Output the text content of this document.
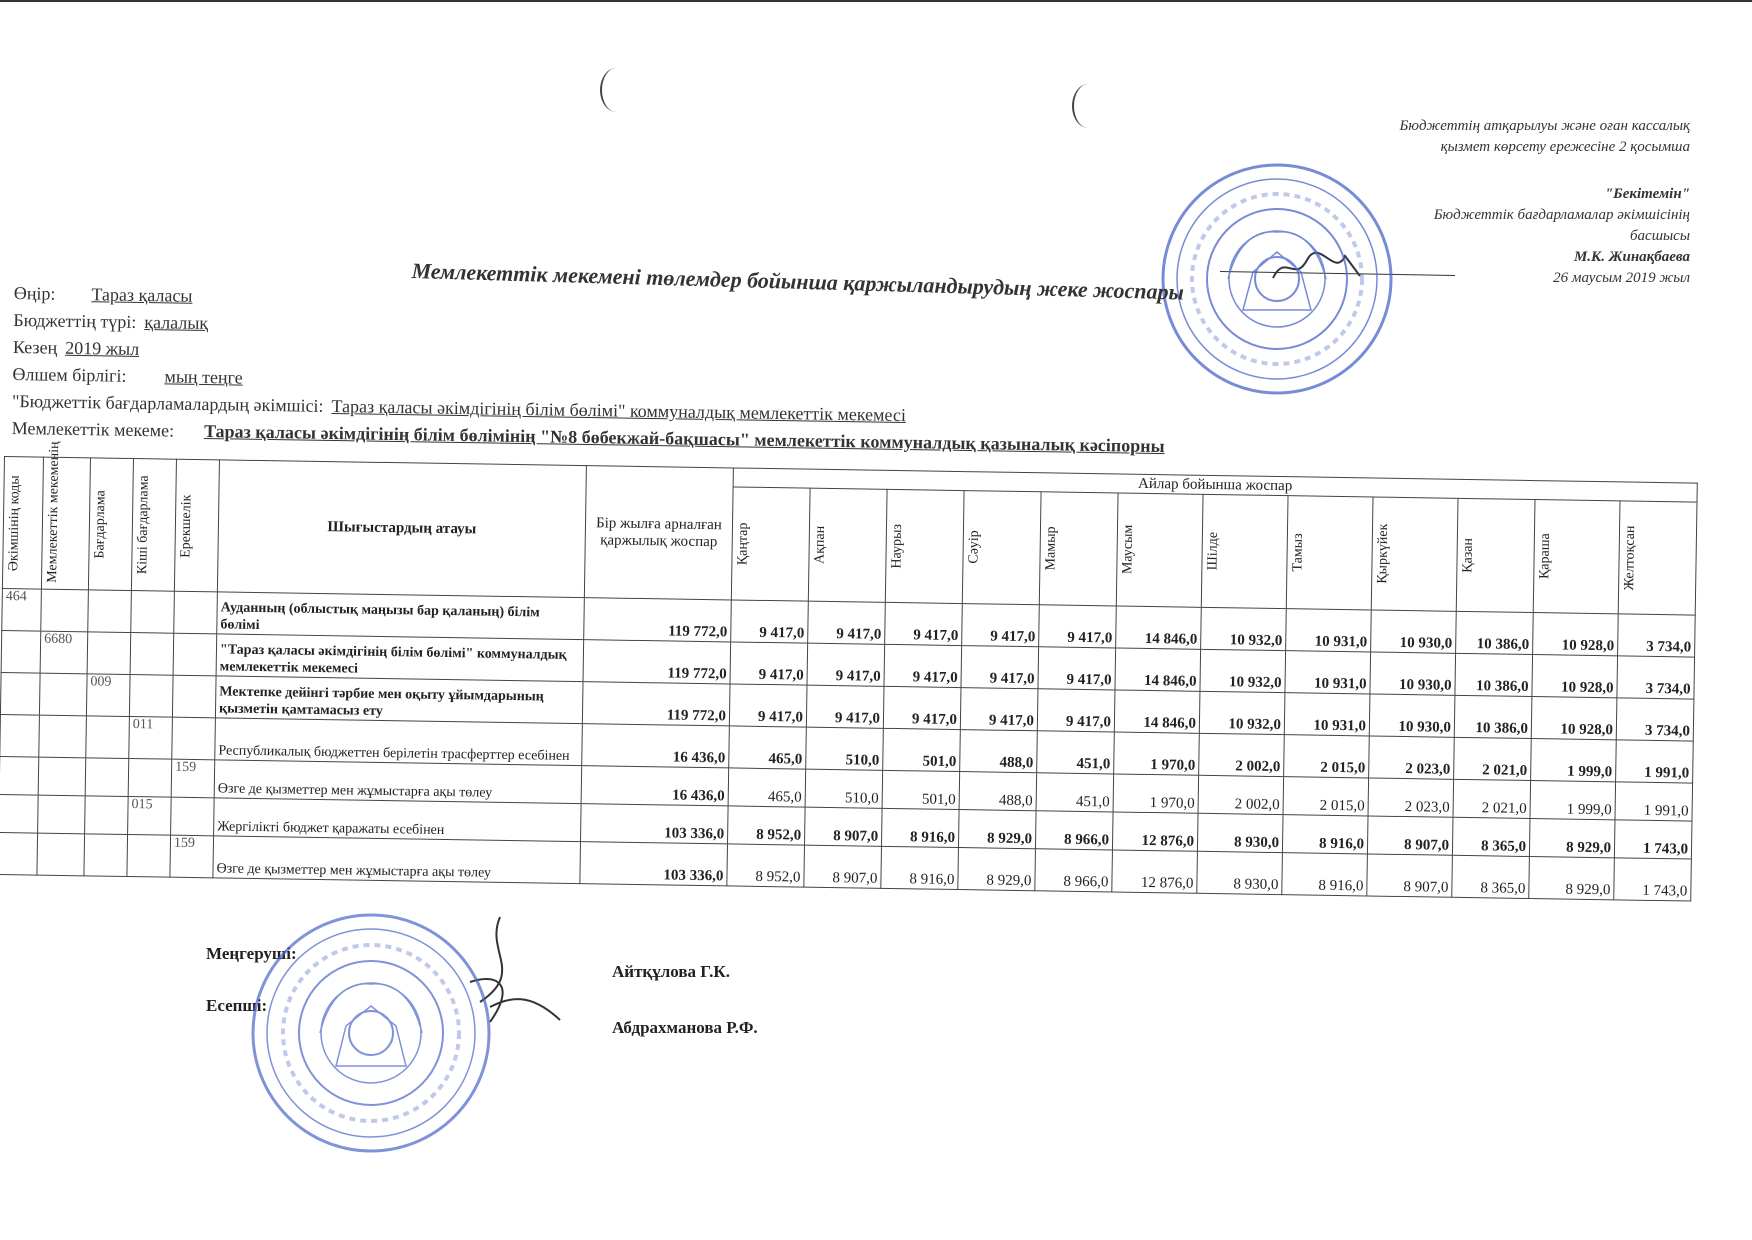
Бюджеттің атқарылуы және оған кассалық
қызмет көрсету ережесіне 2 қосымша
"Бекітемін"
Бюджеттік бағдарламалар әкімшісінің
басшысы
М.К. Жинақбаева
26 маусым 2019 жыл
Мемлекеттік мекемені төлемдер бойынша қаржыландырудың жеке жоспары
Өңір: Тараз қаласы
Бюджеттің түрі: қалалық
Кезең 2019 жыл
Өлшем бірлігі: мың теңге
"Бюджеттік бағдарламалардың әкімшісі: Тараз қаласы әкімдігінің білім бөлімі" коммуналдық мемлекеттік мекемесі
Мемлекеттік мекеме: Тараз қаласы әкімдігінің білім бөлімінің "№8 бөбекжай-бақшасы" мемлекеттік коммуналдық қазыналық кәсіпорны
Әкімшінің коды	Мемлекеттік мекеменің	Бағдарлама	Кіші бағдарлама	Ерекшелік	Шығыстардың атауы	Бір жылға арналған қаржылық жоспар	Айлар бойынша жоспар											

							Қаңтар	Ақпан	Наурыз	Сәуір	Мамыр	Маусым	Шілде	Тамыз	Қыркүйек	Қазан	Қараша	Желтоқсан

464					Ауданның (облыстық маңызы бар қаланың) білім бөлімі	119 772,0	9 417,0	9 417,0	9 417,0	9 417,0	9 417,0	14 846,0	10 932,0	10 931,0	10 930,0	10 386,0	10 928,0	3 734,0
	6680				"Тараз қаласы әкімдігінің білім бөлімі" коммуналдық мемлекеттік мекемесі	119 772,0	9 417,0	9 417,0	9 417,0	9 417,0	9 417,0	14 846,0	10 932,0	10 931,0	10 930,0	10 386,0	10 928,0	3 734,0
		009			Мектепке дейінгі тәрбие мен оқыту ұйымдарының қызметін қамтамасыз ету	119 772,0	9 417,0	9 417,0	9 417,0	9 417,0	9 417,0	14 846,0	10 932,0	10 931,0	10 930,0	10 386,0	10 928,0	3 734,0
			011		Республикалық бюджеттен берілетін трасферттер есебінен	16 436,0	465,0	510,0	501,0	488,0	451,0	1 970,0	2 002,0	2 015,0	2 023,0	2 021,0	1 999,0	1 991,0
				159	Өзге де қызметтер мен жұмыстарға ақы төлеу	16 436,0	465,0	510,0	501,0	488,0	451,0	1 970,0	2 002,0	2 015,0	2 023,0	2 021,0	1 999,0	1 991,0
			015		Жергілікті бюджет қаражаты есебінен	103 336,0	8 952,0	8 907,0	8 916,0	8 929,0	8 966,0	12 876,0	8 930,0	8 916,0	8 907,0	8 365,0	8 929,0	1 743,0
				159	Өзге де қызметтер мен жұмыстарға ақы төлеу	103 336,0	8 952,0	8 907,0	8 916,0	8 929,0	8 966,0	12 876,0	8 930,0	8 916,0	8 907,0	8 365,0	8 929,0	1 743,0
Меңгеруші:
Айтқұлова Г.К.
Есепші:
Абдрахманова Р.Ф.
